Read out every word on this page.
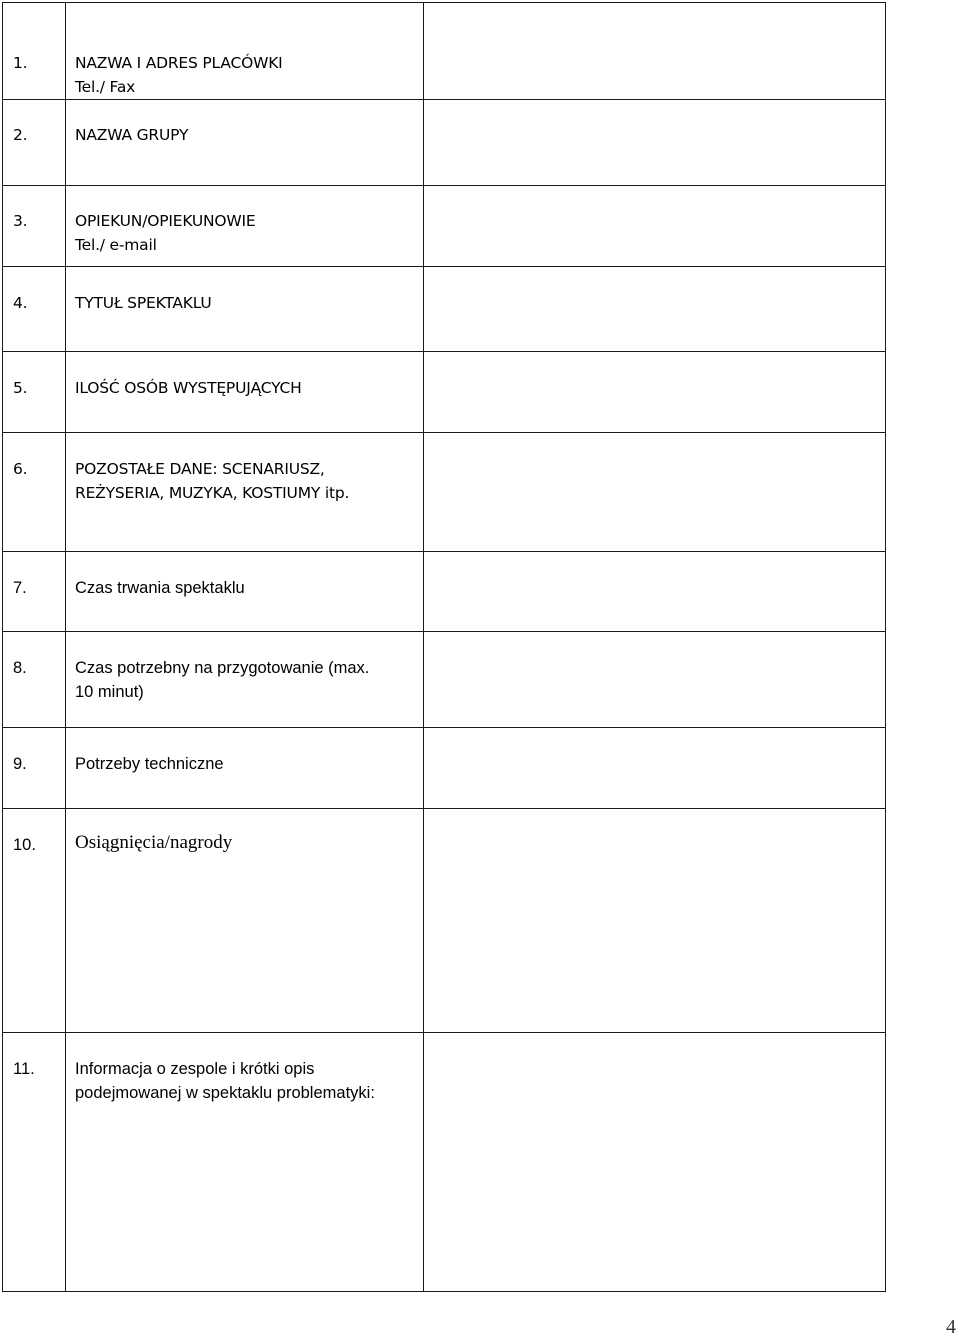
1.	NAZWA I ADRES PLACÓWKI
Tel./ Fax	

2.	NAZWA GRUPY	

3.	OPIEKUN/OPIEKUNOWIE
Tel./ e-mail	

4.	TYTUŁ SPEKTAKLU	

5.	ILOŚĆ OSÓB WYSTĘPUJĄCYCH	

6.	POZOSTAŁE DANE: SCENARIUSZ,
REŻYSERIA, MUZYKA, KOSTIUMY itp.	

7.	Czas trwania spektaklu	

8.	Czas potrzebny na przygotowanie (max.
10 minut)	

9.	Potrzeby techniczne	

10.	Osiągnięcia/nagrody	

11.	Informacja o zespole i krótki opis
podejmowanej w spektaklu problematyki:	

4
